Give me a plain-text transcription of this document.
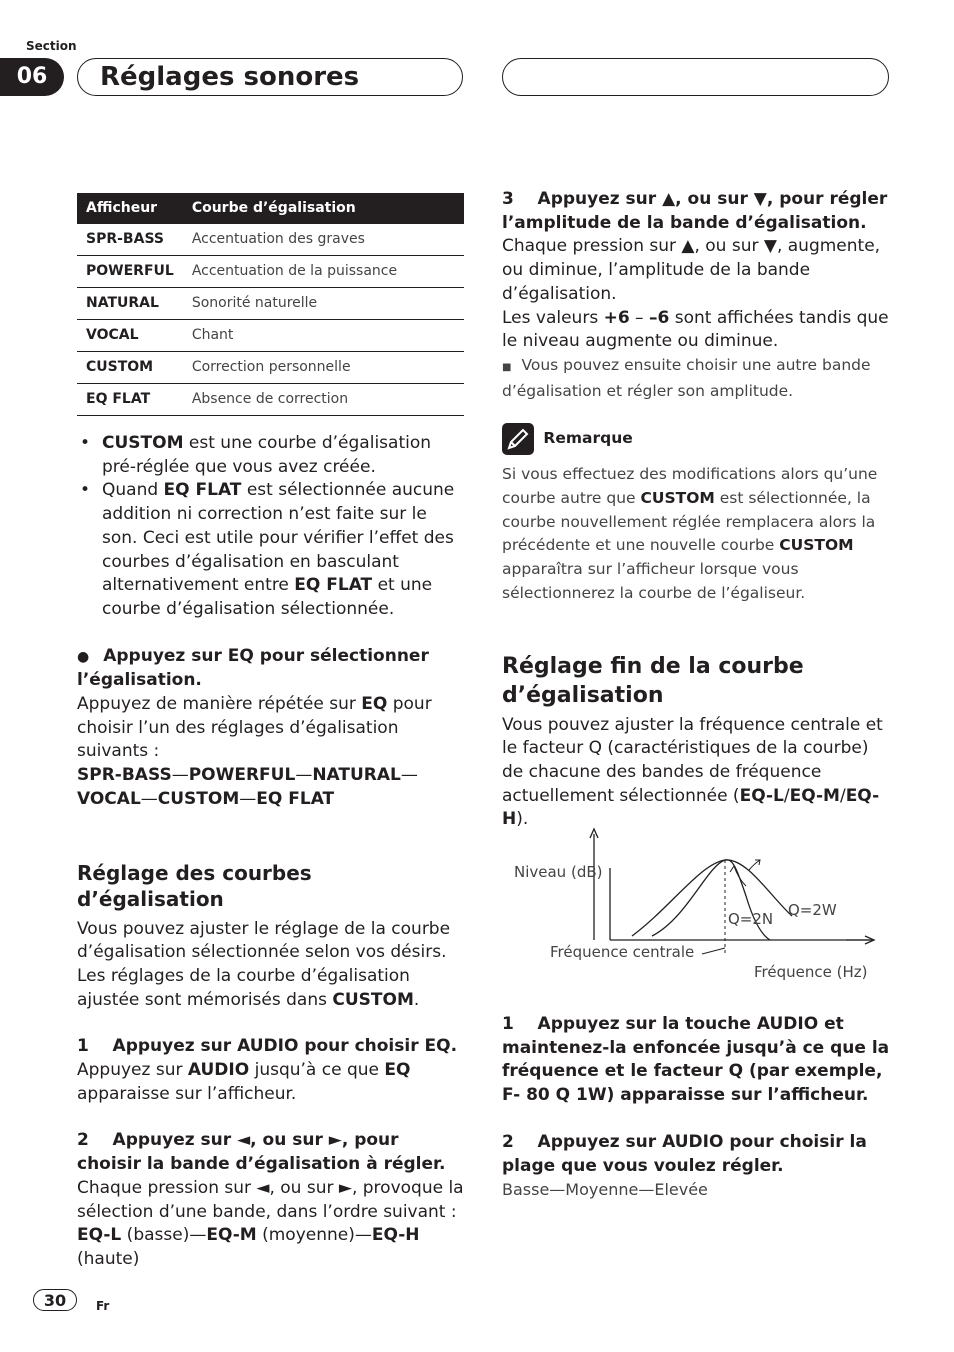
Section
06	Réglages sonores
Afficheur	Courbe d’égalisation
SPR-BASS	Accentuation des graves
POWERFUL	Accentuation de la puissance
NATURAL	Sonorité naturelle
VOCAL	Chant
CUSTOM	Correction personnelle
EQ FLAT	Absence de correction
• CUSTOM est une courbe d’égalisation pré-réglée que vous avez créée.
• Quand EQ FLAT est sélectionnée aucune addition ni correction n’est faite sur le son. Ceci est utile pour vérifier l’effet des courbes d’égalisation en basculant alternativement entre EQ FLAT et une courbe d’égalisation sélectionnée.

● Appuyez sur EQ pour sélectionner l’égalisation.

Appuyez de manière répétée sur EQ pour choisir l’un des réglages d’égalisation suivants :

SPR-BASS—POWERFUL—NATURAL—
VOCAL—CUSTOM—EQ FLAT

Réglage des courbes d’égalisation

Vous pouvez ajuster le réglage de la courbe d’égalisation sélectionnée selon vos désirs. Les réglages de la courbe d’égalisation ajustée sont mémorisés dans CUSTOM.

1 Appuyez sur AUDIO pour choisir EQ.

Appuyez sur AUDIO jusqu’à ce que EQ apparaisse sur l’afficheur.

2 Appuyez sur ◄, ou sur ►, pour choisir la bande d’égalisation à régler.

Chaque pression sur ◄, ou sur ►, provoque la sélection d’une bande, dans l’ordre suivant :

EQ-L (basse)—EQ-M (moyenne)—EQ-H (haute)

3 Appuyez sur ▲, ou sur ▼, pour régler l’amplitude de la bande d’égalisation.

Chaque pression sur ▲, ou sur ▼, augmente, ou diminue, l’amplitude de la bande d’égalisation.

Les valeurs +6 – –6 sont affichées tandis que le niveau augmente ou diminue.

■ Vous pouvez ensuite choisir une autre bande d’égalisation et régler son amplitude.

Remarque

Si vous effectuez des modifications alors qu’une courbe autre que CUSTOM est sélectionnée, la courbe nouvellement réglée remplacera alors la précédente et une nouvelle courbe CUSTOM apparaîtra sur l’afficheur lorsque vous sélectionnerez la courbe de l’égaliseur.

Réglage fin de la courbe d’égalisation

Vous pouvez ajuster la fréquence centrale et le facteur Q (caractéristiques de la courbe) de chacune des bandes de fréquence actuellement sélectionnée (EQ-L/EQ-M/EQ-H).

Niveau (dB)
Q=2N Q=2W
Fréquence centrale
Fréquence (Hz)

1 Appuyez sur la touche AUDIO et maintenez-la enfoncée jusqu’à ce que la fréquence et le facteur Q (par exemple, F- 80 Q 1W) apparaisse sur l’afficheur.

2 Appuyez sur AUDIO pour choisir la plage que vous voulez régler.

Basse—Moyenne—Elevée

30	Fr
